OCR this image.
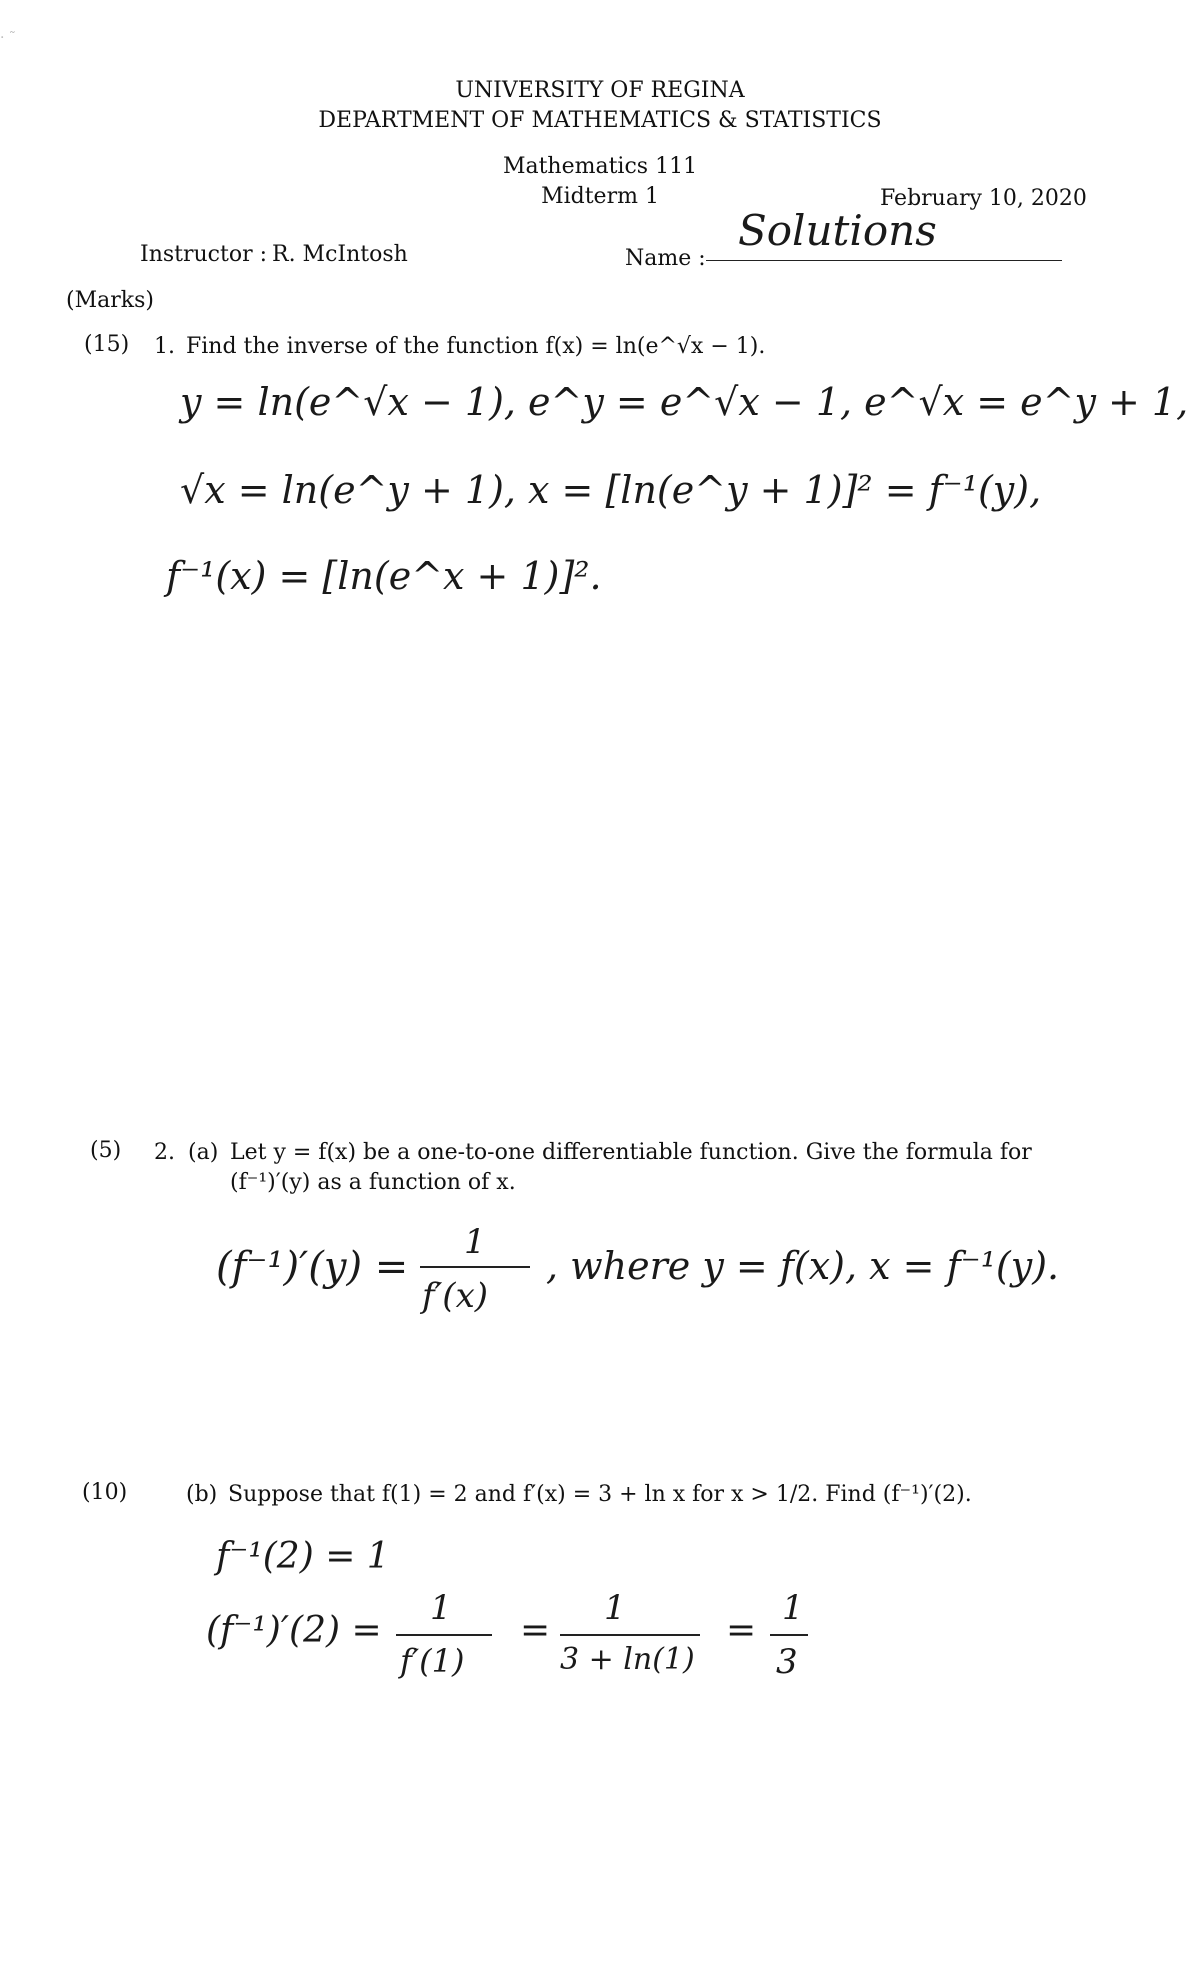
· ˜
UNIVERSITY OF REGINA
DEPARTMENT OF MATHEMATICS & STATISTICS
Mathematics 111
Midterm 1	February 10, 2020
Instructor : R. McIntosh	Name :
Solutions
(Marks)
(15) 1. Find the inverse of the function f(x) = ln(e^√x − 1).
y = ln(e^√x − 1), e^y = e^√x − 1, e^√x = e^y + 1,
√x = ln(e^y + 1), x = [ln(e^y + 1)]² = f⁻¹(y),
f⁻¹(x) = [ln(e^x + 1)]².
(5) 2. (a) Let y = f(x) be a one-to-one differentiable function. Give the formula for
(f⁻¹)′(y) as a function of x.
(f⁻¹)′(y) =
1
f′(x)
, where y = f(x), x = f⁻¹(y).
(10)	(b) Suppose that f(1) = 2 and f′(x) = 3 + ln x for x > 1/2. Find (f⁻¹)′(2).
f⁻¹(2) = 1
(f⁻¹)′(2) =
1
f′(1)
=
1
3 + ln(1)
=
1
3
